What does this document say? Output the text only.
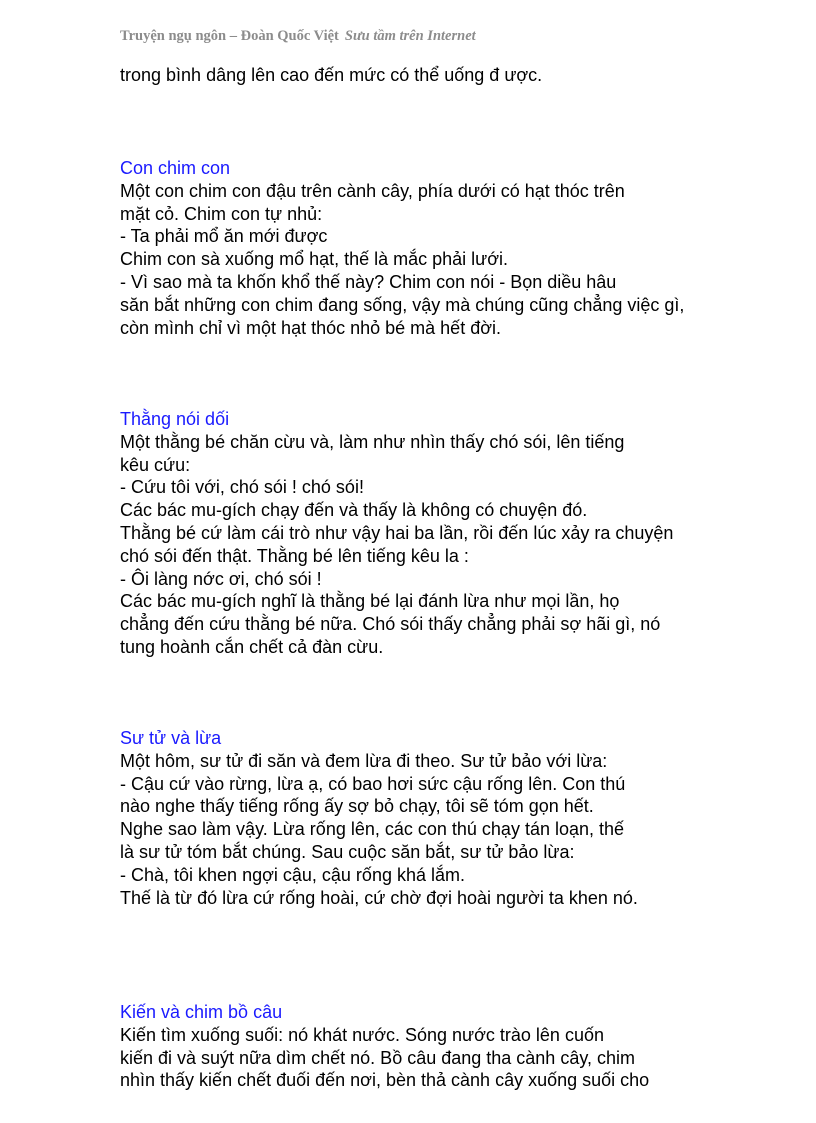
Truyện ngụ ngôn – Đoàn Quốc Việt Sưu tầm trên Internet
trong bình dâng lên cao đến mức có thể uống đ ược.
Con chim con
Một con chim con đậu trên cành cây, phía dưới có hạt thóc trên
mặt cỏ. Chim con tự nhủ:
- Ta phải mổ ăn mới được
Chim con sà xuống mổ hạt, thế là mắc phải lưới.
- Vì sao mà ta khốn khổ thế này? Chim con nói - Bọn diều hâu
săn bắt những con chim đang sống, vậy mà chúng cũng chẳng việc gì,
còn mình chỉ vì một hạt thóc nhỏ bé mà hết đời.
Thằng nói dối
Một thằng bé chăn cừu và, làm như nhìn thấy chó sói, lên tiếng
kêu cứu:
- Cứu tôi với, chó sói ! chó sói!
Các bác mu-gích chạy đến và thấy là không có chuyện đó.
Thằng bé cứ làm cái trò như vậy hai ba lần, rồi đến lúc xảy ra chuyện
chó sói đến thật. Thằng bé lên tiếng kêu la :
- Ôi làng nớc ơi, chó sói !
Các bác mu-gích nghĩ là thằng bé lại đánh lừa như mọi lần, họ
chẳng đến cứu thằng bé nữa. Chó sói thấy chẳng phải sợ hãi gì, nó
tung hoành cắn chết cả đàn cừu.
Sư tử và lừa
Một hôm, sư tử đi săn và đem lừa đi theo. Sư tử bảo với lừa:
- Cậu cứ vào rừng, lừa ạ, có bao hơi sức cậu rống lên. Con thú
nào nghe thấy tiếng rống ấy sợ bỏ chạy, tôi sẽ tóm gọn hết.
Nghe sao làm vậy. Lừa rống lên, các con thú chạy tán loạn, thế
là sư tử tóm bắt chúng. Sau cuộc săn bắt, sư tử bảo lừa:
- Chà, tôi khen ngợi cậu, cậu rống khá lắm.
Thế là từ đó lừa cứ rống hoài, cứ chờ đợi hoài người ta khen nó.
Kiến và chim bồ câu
Kiến tìm xuống suối: nó khát nước. Sóng nước trào lên cuốn
kiến đi và suýt nữa dìm chết nó. Bồ câu đang tha cành cây, chim
nhìn thấy kiến chết đuối đến nơi, bèn thả cành cây xuống suối cho
